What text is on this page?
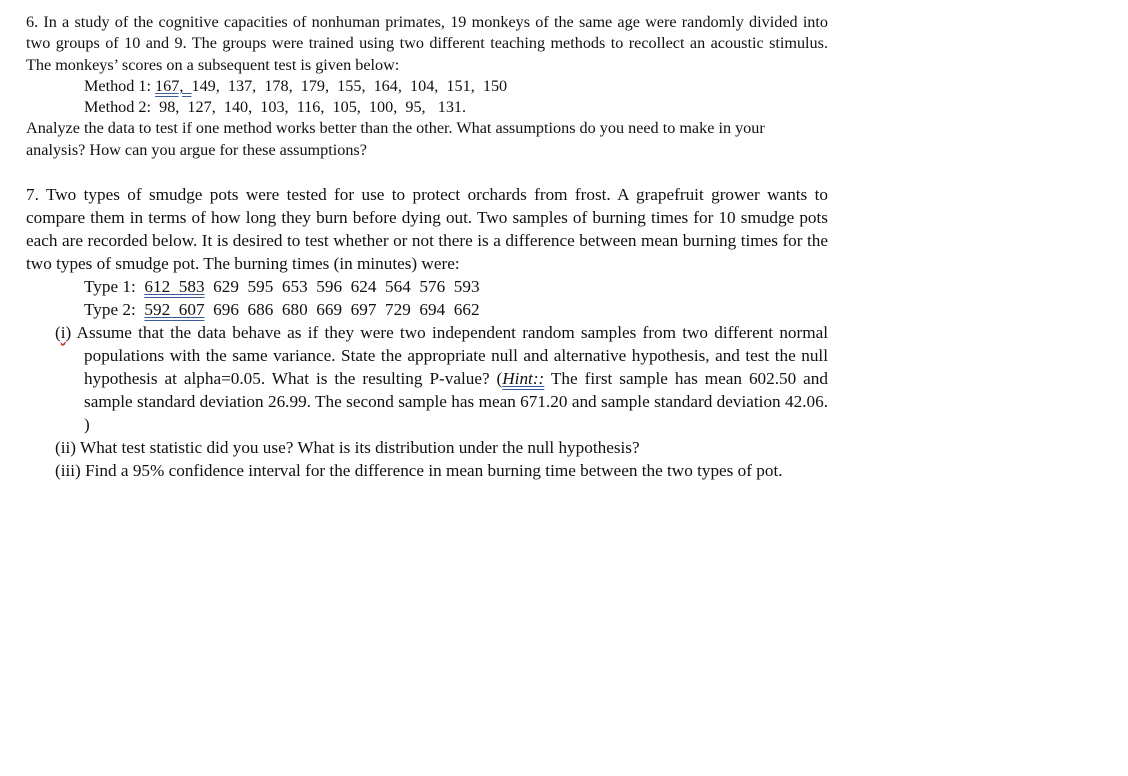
6. In a study of the cognitive capacities of nonhuman primates, 19 monkeys of the same age were randomly divided into two groups of 10 and 9. The groups were trained using two different teaching methods to recollect an acoustic stimulus. The monkeys’ scores on a subsequent test is given below:

Method 1: 167,  149,  137,  178,  179,  155,  164,  104,  151,  150

Method 2:  98,  127,  140,  103,  116,  105,  100,  95,   131.

Analyze the data to test if one method works better than the other. What assumptions do you need to make in your analysis? How can you argue for these assumptions?

7. Two types of smudge pots were tested for use to protect orchards from frost. A grapefruit grower wants to compare them in terms of how long they burn before dying out. Two samples of burning times for 10 smudge pots each are recorded below. It is desired to test whether or not there is a difference between mean burning times for the two types of smudge pot. The burning times (in minutes) were:

Type 1:  612  583  629  595  653  596  624  564  576  593

Type 2:  592  607  696  686  680  669  697  729  694  662

(i) Assume that the data behave as if they were two independent random samples from two different normal populations with the same variance. State the appropriate null and alternative hypothesis, and test the null hypothesis at alpha=0.05. What is the resulting P-value? (Hint:: The first sample has mean 602.50 and sample standard deviation 26.99. The second sample has mean 671.20 and sample standard deviation 42.06. )

(ii) What test statistic did you use? What is its distribution under the null hypothesis?

(iii) Find a 95% confidence interval for the difference in mean burning time between the two types of pot.
